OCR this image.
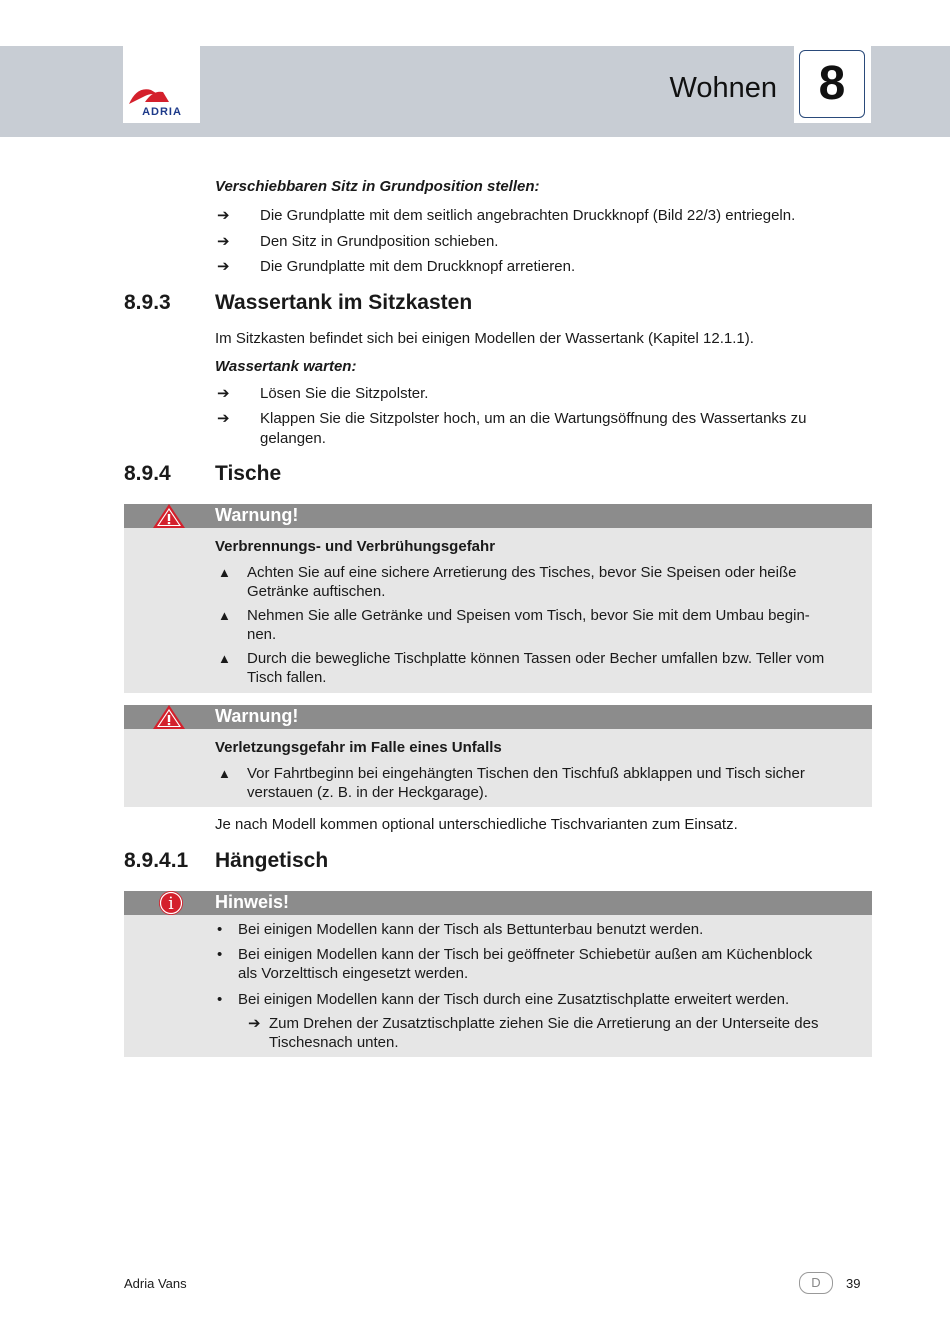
ADRIA
Wohnen 8
Verschiebbaren Sitz in Grundposition stellen:
➔ Die Grundplatte mit dem seitlich angebrachten Druckknopf (Bild 22/3) entriegeln.
➔ Den Sitz in Grundposition schieben.
➔ Die Grundplatte mit dem Druckknopf arretieren.
8.9.3 Wassertank im Sitzkasten
Im Sitzkasten befindet sich bei einigen Modellen der Wassertank (Kapitel 12.1.1).
Wassertank warten:
➔ Lösen Sie die Sitzpolster.
➔ Klappen Sie die Sitzpolster hoch, um an die Wartungsöffnung des Wassertanks zu
gelangen.
8.9.4 Tische
Warnung!
Verbrennungs- und Verbrühungsgefahr
▲ Achten Sie auf eine sichere Arretierung des Tisches, bevor Sie Speisen oder heiße
Getränke auftischen.
▲ Nehmen Sie alle Getränke und Speisen vom Tisch, bevor Sie mit dem Umbau begin-
nen.
▲ Durch die bewegliche Tischplatte können Tassen oder Becher umfallen bzw. Teller vom
Tisch fallen.
Warnung!
Verletzungsgefahr im Falle eines Unfalls
▲ Vor Fahrtbeginn bei eingehängten Tischen den Tischfuß abklappen und Tisch sicher
verstauen (z. B. in der Heckgarage).
Je nach Modell kommen optional unterschiedliche Tischvarianten zum Einsatz.
8.9.4.1 Hängetisch
i Hinweis!
• Bei einigen Modellen kann der Tisch als Bettunterbau benutzt werden.
• Bei einigen Modellen kann der Tisch bei geöffneter Schiebetür außen am Küchenblock
als Vorzelttisch eingesetzt werden.
• Bei einigen Modellen kann der Tisch durch eine Zusatztischplatte erweitert werden.
➔ Zum Drehen der Zusatztischplatte ziehen Sie die Arretierung an der Unterseite des
Tischesnach unten.
Adria Vans	D	39
